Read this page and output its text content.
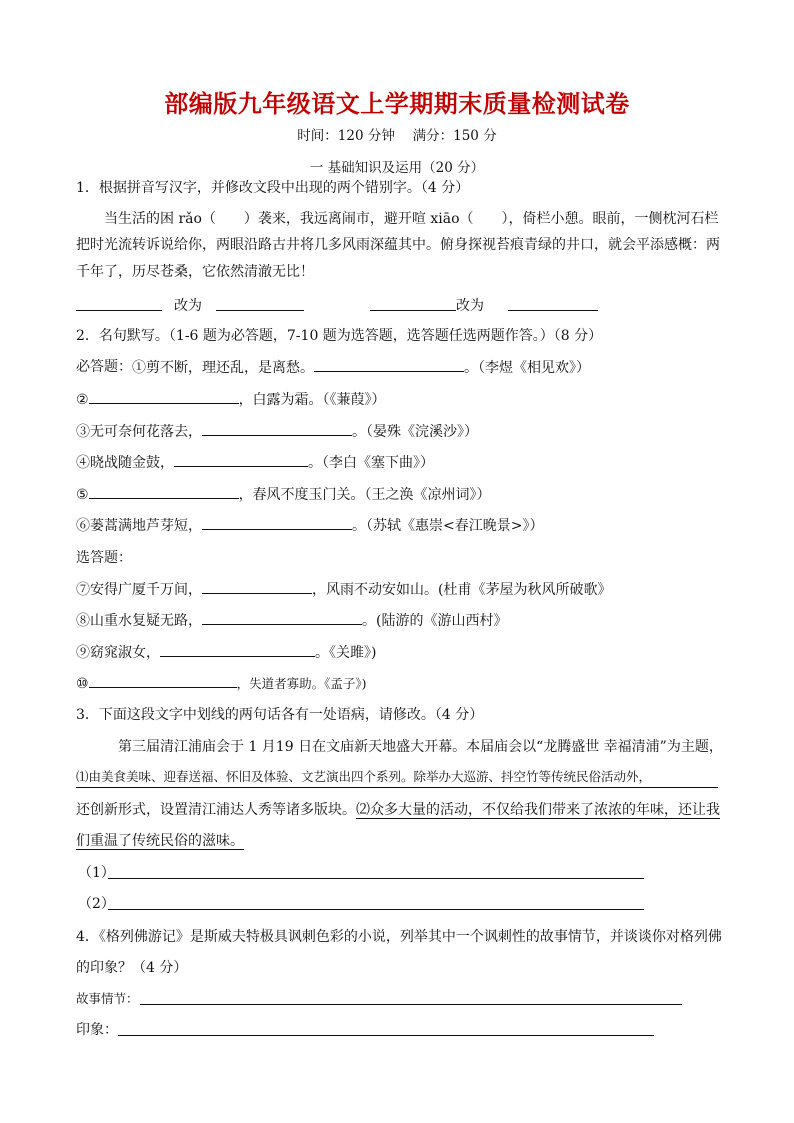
部编版九年级语文上学期期末质量检测试卷
时间：120 分钟　 满分：150 分
一 基础知识及运用（20 分）
1．根据拼音写汉字，并修改文段中出现的两个错别字。（4 分）
当生活的困 rǎo（　　）袭来，我远离闹市，避开喧 xiāo（　　），倚栏小憩。眼前，一侧枕河石栏
把时光流转诉说给你，两眼沿路古井将几多风雨深蕴其中。俯身探视苔痕青绿的井口，就会平添感概：两
千年了，历尽苍桑，它依然清澈无比！
改为	改为
2．名句默写。（1-6 题为必答题，7-10 题为选答题，选答题任选两题作答。）（8 分）
必答题： ①剪不断，理还乱，是离愁。	。（李煜《相见欢》）
②	，白露为霜。（《蒹葭》）
③无可奈何花落去，	。（晏殊《浣溪沙》）
④晓战随金鼓，	。（李白《塞下曲》）
⑤	，春风不度玉门关。（王之涣《凉州词》）
⑥蒌蒿满地芦芽短，	。（苏轼《惠崇<春江晚景>》）
选答题：
⑦安得广厦千万间，	，风雨不动安如山。(杜甫《茅屋为秋风所破歌》
⑧山重水复疑无路，	。(陆游的《游山西村》
⑨窈窕淑女，	。《关雎》)
⑩	，失道者寡助。《孟子》)
3．下面这段文字中划线的两句话各有一处语病，请修改。（4 分）
第三届清江浦庙会于 1 月19 日在文庙新天地盛大开幕。本届庙会以“龙腾盛世 幸福清浦”为主题，
⑴由美食美味、迎春送福、怀旧及体验、文艺演出四个系列。除举办大巡游、抖空竹等传统民俗活动外，
还创新形式，设置清江浦达人秀等诸多版块。⑵众多大量的活动，不仅给我们带来了浓浓的年味，还让我
们重温了传统民俗的滋味。
（1）
（2）
4．《格列佛游记》是斯威夫特极具讽刺色彩的小说，列举其中一个讽刺性的故事情节，并谈谈你对格列佛
的印象？（4 分）
故事情节：
印象：
